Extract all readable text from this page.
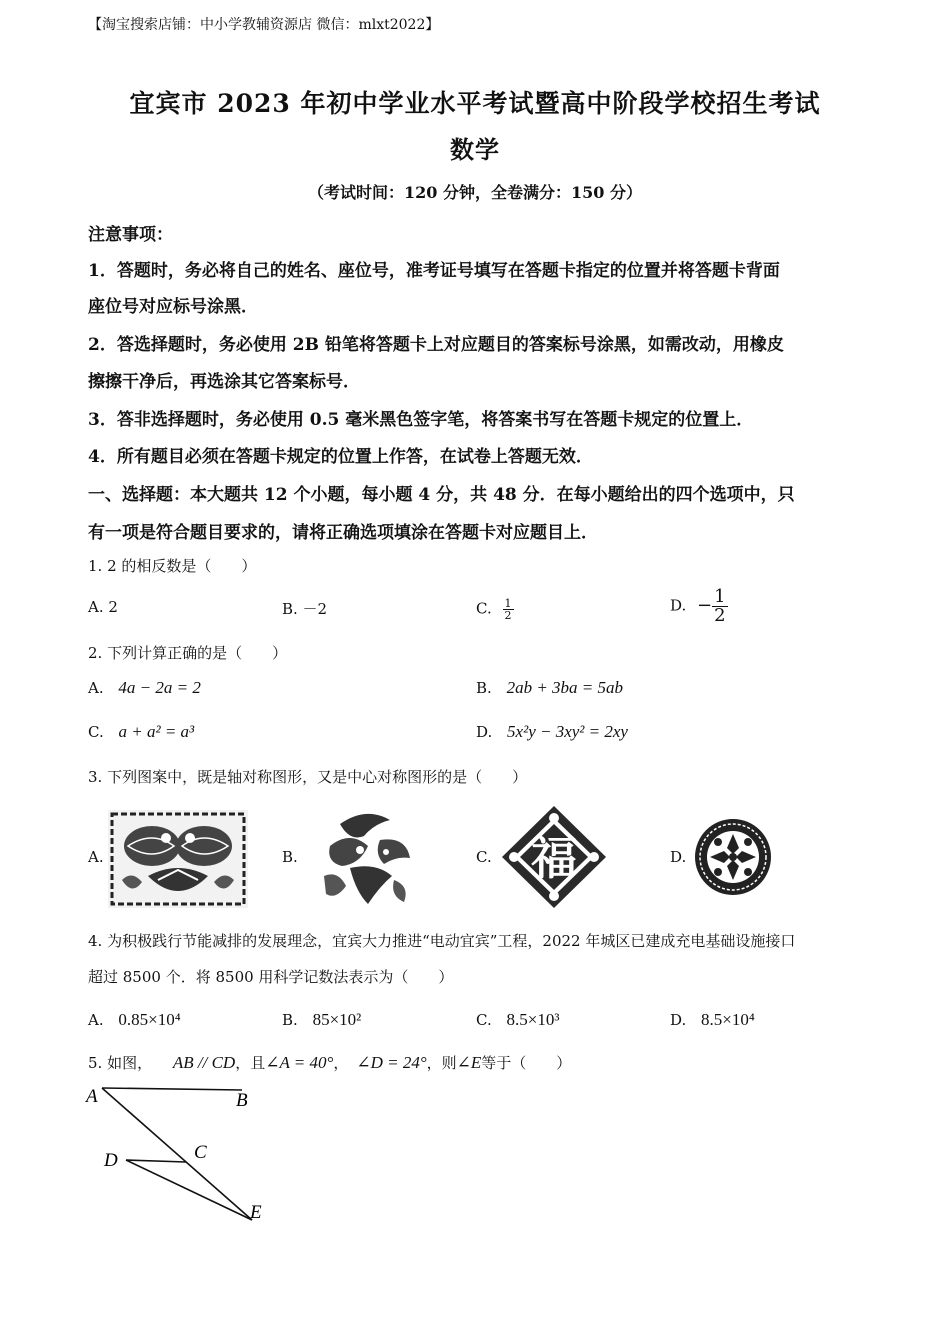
【淘宝搜索店铺：中小学教辅资源店 微信：mlxt2022】
宜宾市 2023 年初中学业水平考试暨高中阶段学校招生考试
数学
（考试时间：120 分钟，全卷满分：150 分）
注意事项：
1．答题时，务必将自己的姓名、座位号，准考证号填写在答题卡指定的位置并将答题卡背面
座位号对应标号涂黑．
2．答选择题时，务必使用 2B 铅笔将答题卡上对应题目的答案标号涂黑，如需改动，用橡皮
擦擦干净后，再选涂其它答案标号．
3．答非选择题时，务必使用 0.5 毫米黑色签字笔，将答案书写在答题卡规定的位置上．
4．所有题目必须在答题卡规定的位置上作答，在试卷上答题无效．
一、选择题：本大题共 12 个小题，每小题 4 分，共 48 分．在每小题给出的四个选项中，只
有一项是符合题目要求的，请将正确选项填涂在答题卡对应题目上．
1. 2 的相反数是（　　）
A. 2	B. －2	C. $\frac{1}{2}$	D. − $\frac{1}{2}$
2. 下列计算正确的是（　　）
A. 4a − 2a = 2	B. 2ab + 3ba = 5ab
C. a + a² = a³	D. 5x²y − 3xy² = 2xy
3. 下列图案中，既是轴对称图形，又是中心对称图形的是（　　）
A.	B.	C.	D.
福
4. 为积极践行节能减排的发展理念，宜宾大力推进“电动宜宾”工程，2022 年城区已建成充电基础设施接口
超过 8500 个．将 8500 用科学记数法表示为（　　）
A. 0.85×10⁴	B. 85×10²	C. 8.5×10³	D. 8.5×10⁴
5. 如图， AB // CD，且∠A = 40°， ∠D = 24°，则∠E等于（　　）
A	B
C
D
E
